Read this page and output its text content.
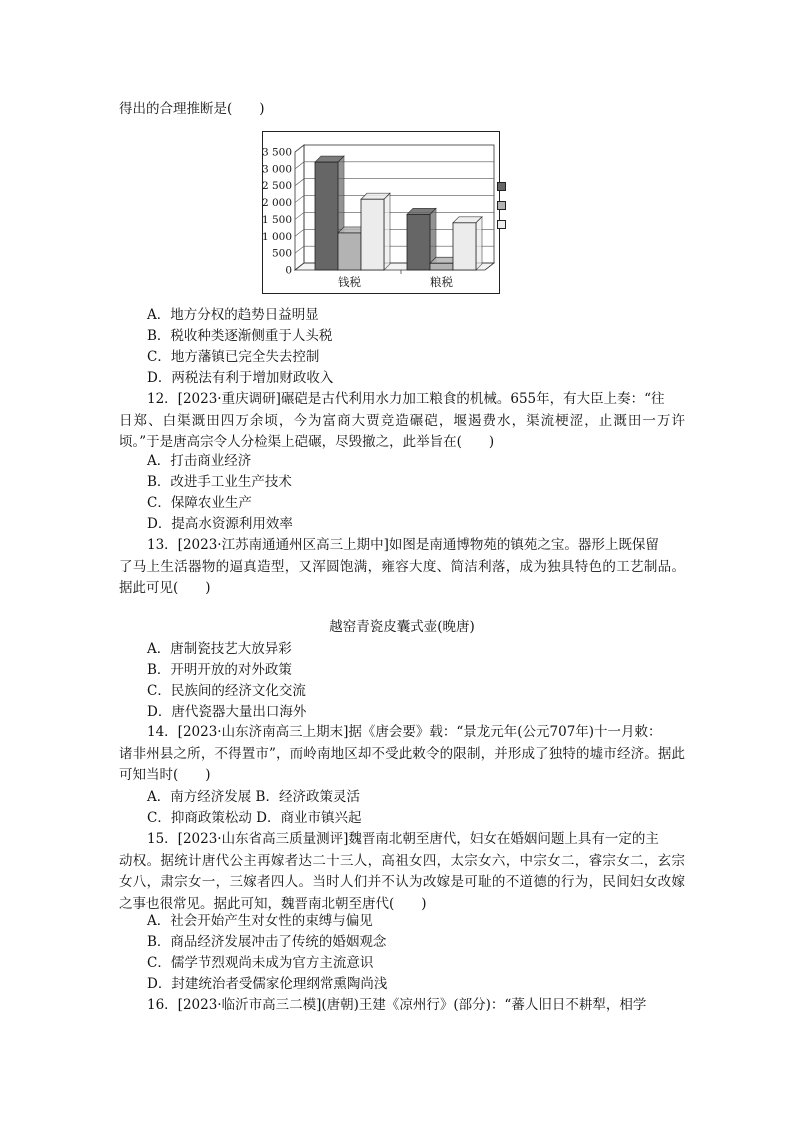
得出的合理推断是(　　)
3 500
3 000
2 500
2 000
1 500
1 000
500
0
钱税	粮税
A．地方分权的趋势日益明显
B．税收种类逐渐侧重于人头税
C．地方藩镇已完全失去控制
D．两税法有利于增加财政收入
12．[2023·重庆调研]碾硙是古代利用水力加工粮食的机械。655年，有大臣上奏：“往
日郑、白渠溉田四万余顷，今为富商大贾竞造碾硙，堰遏费水，渠流梗涩，止溉田一万许顷。”于是唐高宗令人分检渠上硙碾，尽毁撤之，此举旨在(　　)
A．打击商业经济
B．改进手工业生产技术
C．保障农业生产
D．提高水资源利用效率
13．[2023·江苏南通通州区高三上期中]如图是南通博物苑的镇苑之宝。器形上既保留
了马上生活器物的逼真造型，又浑圆饱满，雍容大度、简洁利落，成为独具特色的工艺制品。据此可见(　　)
越窑青瓷皮囊式壶(晚唐)
A．唐制瓷技艺大放异彩
B．开明开放的对外政策
C．民族间的经济文化交流
D．唐代瓷器大量出口海外
14．[2023·山东济南高三上期末]据《唐会要》载：“景龙元年(公元707年)十一月敕：
诸非州县之所，不得置市”，而岭南地区却不受此敕令的限制，并形成了独特的墟市经济。据此可知当时(　　)
A．南方经济发展 B．经济政策灵活
C．抑商政策松动 D．商业市镇兴起
15．[2023·山东省高三质量测评]魏晋南北朝至唐代，妇女在婚姻问题上具有一定的主
动权。据统计唐代公主再嫁者达二十三人，高祖女四，太宗女六，中宗女二，睿宗女二，玄宗女八，肃宗女一，三嫁者四人。当时人们并不认为改嫁是可耻的不道德的行为，民间妇女改嫁之事也很常见。据此可知，魏晋南北朝至唐代(　　)
A．社会开始产生对女性的束缚与偏见
B．商品经济发展冲击了传统的婚姻观念
C．儒学节烈观尚未成为官方主流意识
D．封建统治者受儒家伦理纲常熏陶尚浅
16．[2023·临沂市高三二模](唐朝)王建《凉州行》(部分)：“蕃人旧日不耕犁，相学
